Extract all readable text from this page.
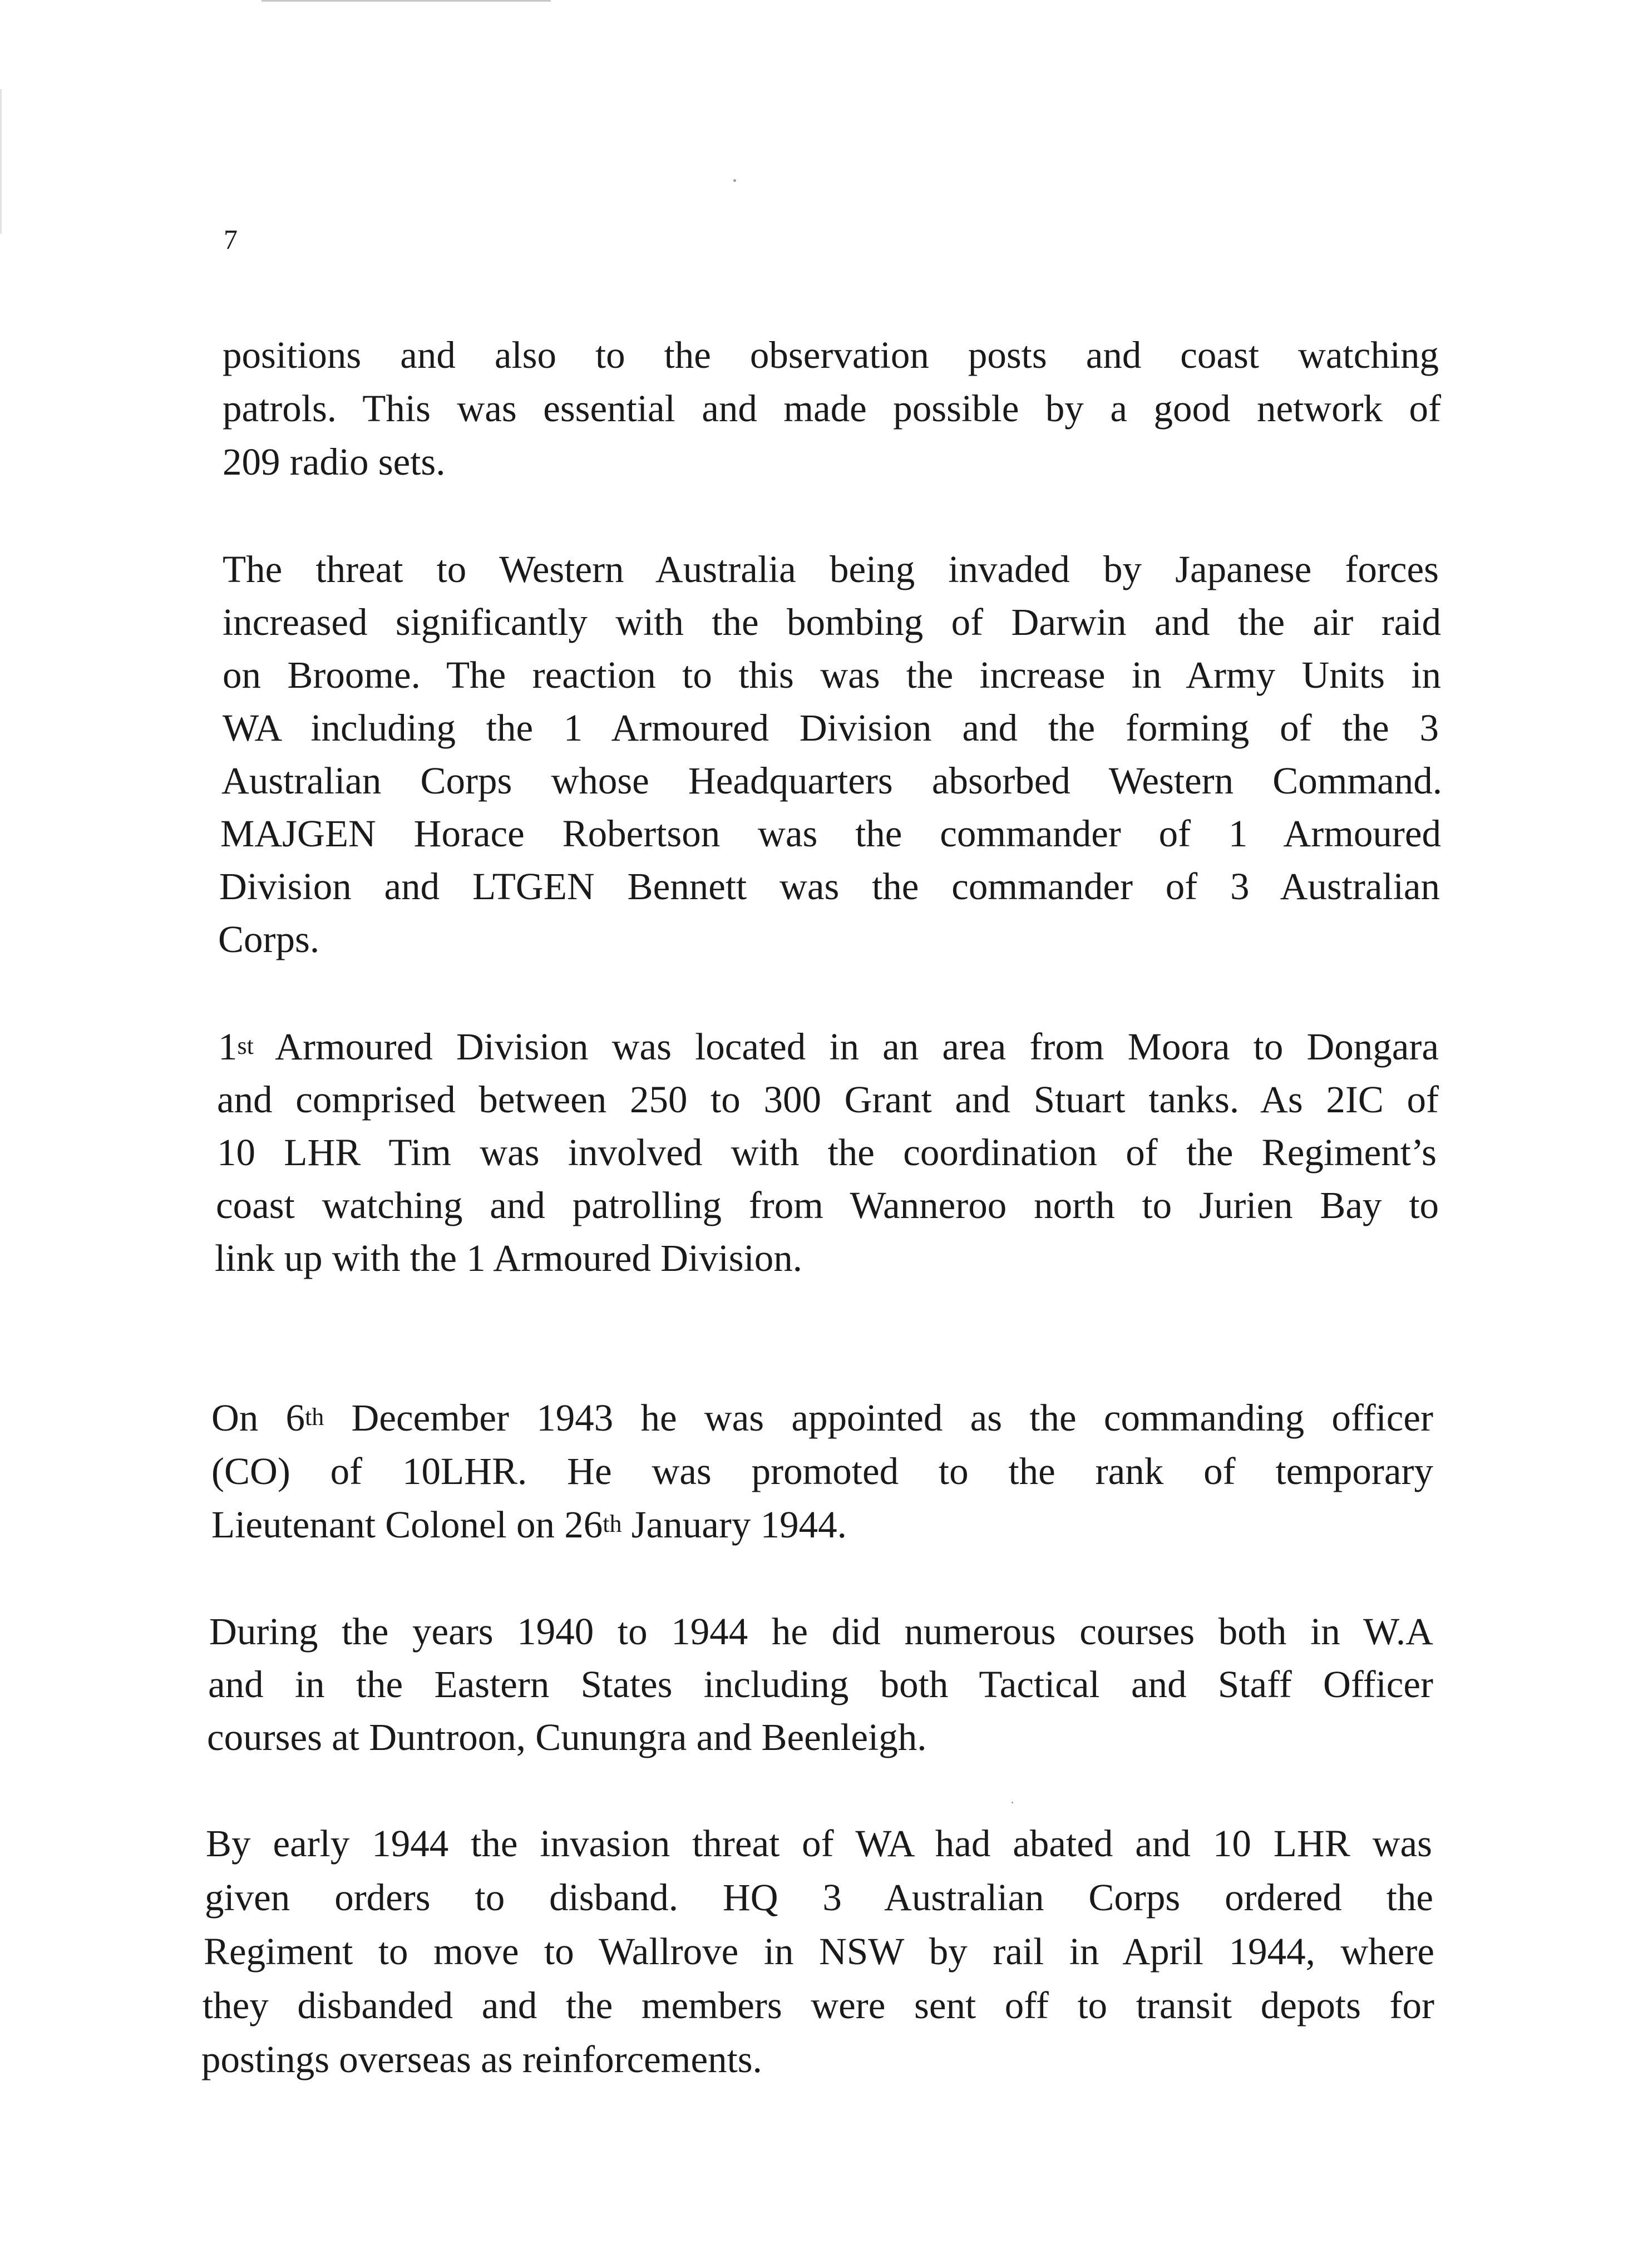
7
positions and also to the observation posts and coast watching
patrols. This was essential and made possible by a good network of
209 radio sets.
The threat to Western Australia being invaded by Japanese forces
increased significantly with the bombing of Darwin and the air raid
on Broome. The reaction to this was the increase in Army Units in
WA including the 1 Armoured Division and the forming of the 3
Australian Corps whose Headquarters absorbed Western Command.
MAJGEN Horace Robertson was the commander of 1 Armoured
Division and LTGEN Bennett was the commander of 3 Australian
Corps.
1st Armoured Division was located in an area from Moora to Dongara
and comprised between 250 to 300 Grant and Stuart tanks. As 2IC of
10 LHR Tim was involved with the coordination of the Regiment’s
coast watching and patrolling from Wanneroo north to Jurien Bay to
link up with the 1 Armoured Division.
On 6th December 1943 he was appointed as the commanding officer
(CO) of 10LHR. He was promoted to the rank of temporary
Lieutenant Colonel on 26th January 1944.
During the years 1940 to 1944 he did numerous courses both in W.A
and in the Eastern States including both Tactical and Staff Officer
courses at Duntroon, Cunungra and Beenleigh.
By early 1944 the invasion threat of WA had abated and 10 LHR was
given orders to disband. HQ 3 Australian Corps ordered the
Regiment to move to Wallrove in NSW by rail in April 1944, where
they disbanded and the members were sent off to transit depots for
postings overseas as reinforcements.
